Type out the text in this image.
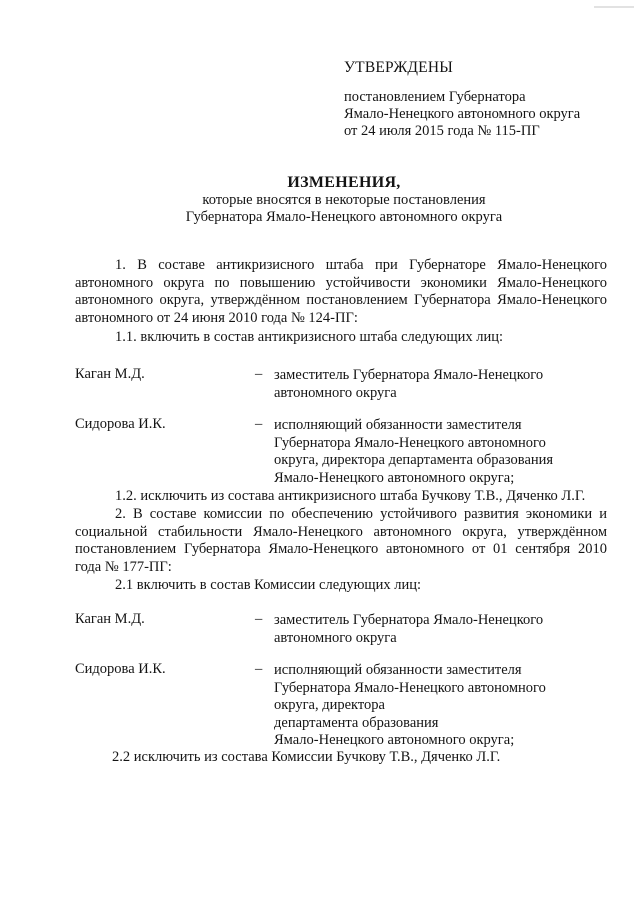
УТВЕРЖДЕНЫ
постановлением Губернатора
Ямало-Ненецкого автономного округа
от 24 июля 2015 года № 115-ПГ
ИЗМЕНЕНИЯ,
которые вносятся в некоторые постановления
Губернатора Ямало-Ненецкого автономного округа
1. В составе антикризисного штаба при Губернаторе Ямало-Ненецкого автономного округа по повышению устойчивости экономики Ямало-Ненецкого автономного округа, утверждённом постановлением Губернатора Ямало-Ненецкого автономного от 24 июня 2010 года № 124-ПГ:
1.1. включить в состав антикризисного штаба следующих лиц:
Каган М.Д.	– заместитель Губернатора Ямало-Ненецкого
автономного округа
Сидорова И.К.	– исполняющий обязанности заместителя
Губернатора Ямало-Ненецкого автономного
округа, директора департамента образования
Ямало-Ненецкого автономного округа;
1.2. исключить из состава антикризисного штаба Бучкову Т.В., Дяченко Л.Г.
2. В составе комиссии по обеспечению устойчивого развития экономики и социальной стабильности Ямало-Ненецкого автономного округа, утверждённом постановлением Губернатора Ямало-Ненецкого автономного от 01 сентября 2010 года № 177-ПГ:
2.1 включить в состав Комиссии следующих лиц:
Каган М.Д.	– заместитель Губернатора Ямало-Ненецкого
автономного округа
Сидорова И.К.	– исполняющий обязанности заместителя
Губернатора Ямало-Ненецкого автономного
округа, директора
департамента образования
Ямало-Ненецкого автономного округа;
2.2 исключить из состава Комиссии Бучкову Т.В., Дяченко Л.Г.
